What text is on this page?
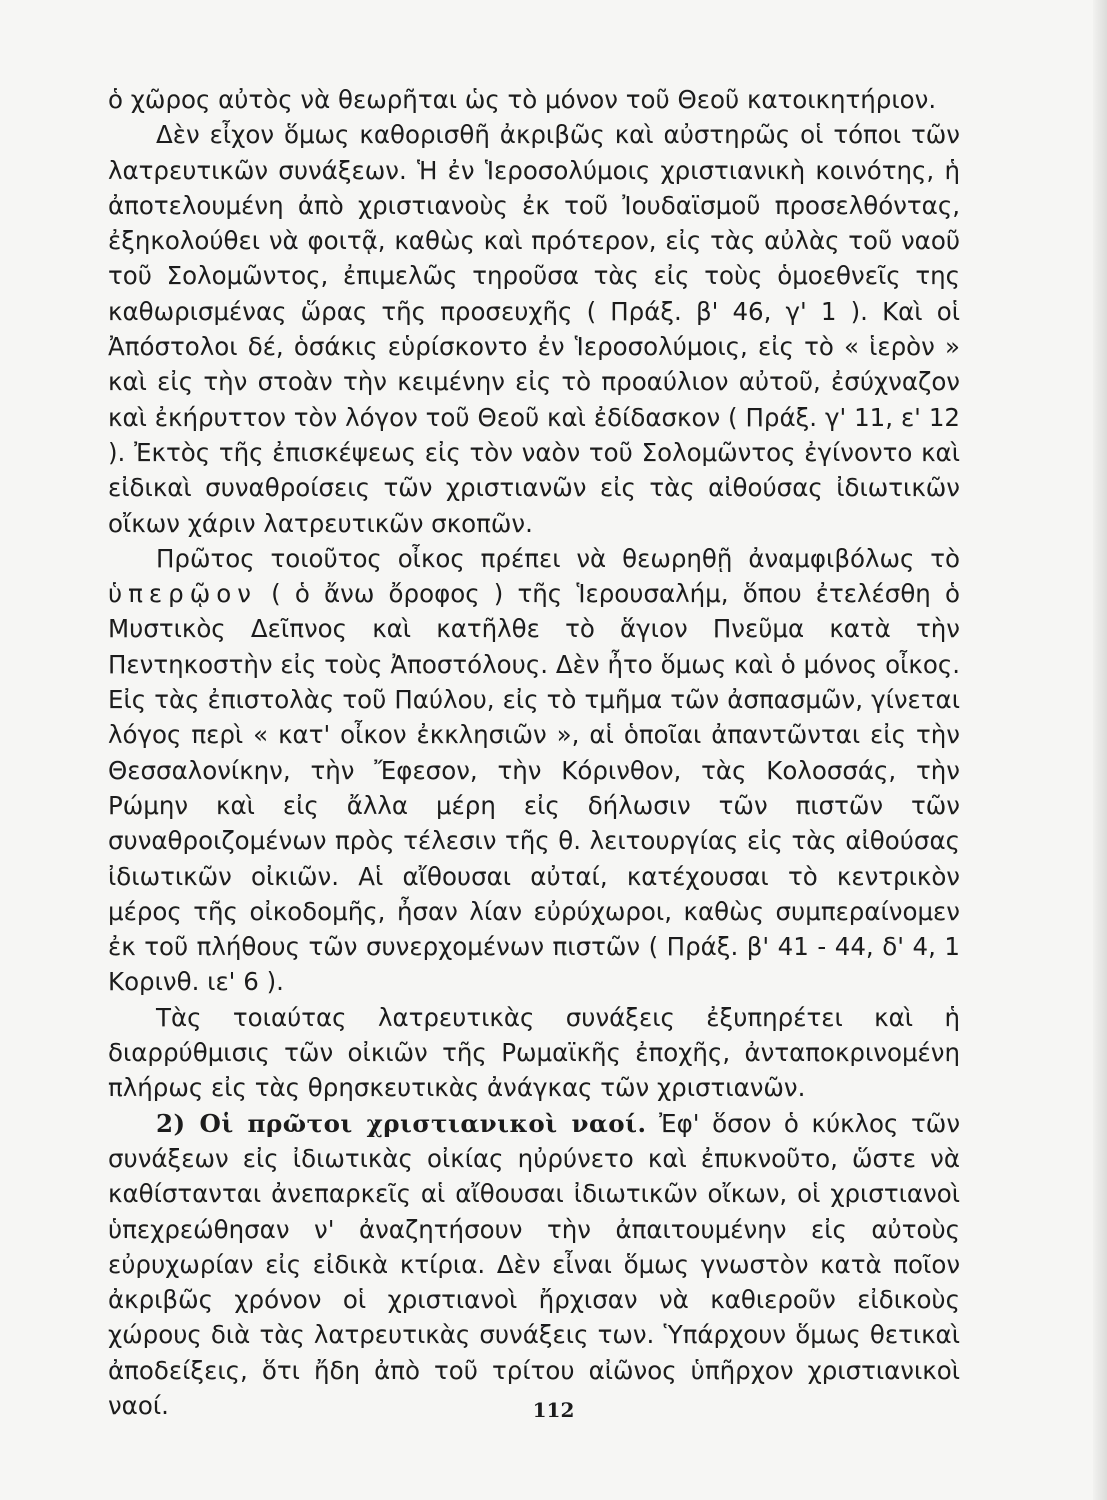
ὁ χῶρος αὐτὸς νὰ θεωρῆται ὡς τὸ μόνον τοῦ Θεοῦ κατοικητήριον.

Δὲν εἶχον ὅμως καθορισθῆ ἀκριβῶς καὶ αὐστηρῶς οἱ τόποι τῶν λατρευτικῶν συνάξεων. Ἡ ἐν Ἱεροσολύμοις χριστιανικὴ κοινότης, ἡ ἀποτελουμένη ἀπὸ χριστιανοὺς ἐκ τοῦ Ἰουδαϊσμοῦ προσελθόντας, ἐξηκολούθει νὰ φοιτᾷ, καθὼς καὶ πρότερον, εἰς τὰς αὐλὰς τοῦ ναοῦ τοῦ Σολομῶντος, ἐπιμελῶς τηροῦσα τὰς εἰς τοὺς ὁμοεθνεῖς της καθωρισμένας ὥρας τῆς προσευχῆς ( Πράξ. β' 46, γ' 1 ). Καὶ οἱ Ἀπόστολοι δέ, ὁσάκις εὑρίσκοντο ἐν Ἱεροσολύμοις, εἰς τὸ « ἱερὸν » καὶ εἰς τὴν στοὰν τὴν κειμένην εἰς τὸ προαύλιον αὐτοῦ, ἐσύχναζον καὶ ἐκήρυττον τὸν λόγον τοῦ Θεοῦ καὶ ἐδίδασκον ( Πράξ. γ' 11, ε' 12 ). Ἐκτὸς τῆς ἐπισκέψεως εἰς τὸν ναὸν τοῦ Σολομῶντος ἐγίνοντο καὶ εἰδικαὶ συναθροίσεις τῶν χριστιανῶν εἰς τὰς αἰθούσας ἰδιωτικῶν οἴκων χάριν λατρευτικῶν σκοπῶν.

Πρῶτος τοιοῦτος οἶκος πρέπει νὰ θεωρηθῇ ἀναμφιβόλως τὸ ὑπερῷον ( ὁ ἄνω ὄροφος ) τῆς Ἱερουσαλήμ, ὅπου ἐτελέσθη ὁ Μυστικὸς Δεῖπνος καὶ κατῆλθε τὸ ἅγιον Πνεῦμα κατὰ τὴν Πεντηκοστὴν εἰς τοὺς Ἀποστόλους. Δὲν ἦτο ὅμως καὶ ὁ μόνος οἶκος. Εἰς τὰς ἐπιστολὰς τοῦ Παύλου, εἰς τὸ τμῆμα τῶν ἀσπασμῶν, γίνεται λόγος περὶ « κατ' οἶκον ἐκκλησιῶν », αἱ ὁποῖαι ἀπαντῶνται εἰς τὴν Θεσσαλονίκην, τὴν Ἔφεσον, τὴν Κόρινθον, τὰς Κολοσσάς, τὴν Ρώμην καὶ εἰς ἄλλα μέρη εἰς δήλωσιν τῶν πιστῶν τῶν συναθροιζομένων πρὸς τέλεσιν τῆς θ. λειτουργίας εἰς τὰς αἰθούσας ἰδιωτικῶν οἰκιῶν. Αἱ αἴθουσαι αὐταί, κατέχουσαι τὸ κεντρικὸν μέρος τῆς οἰκοδομῆς, ἦσαν λίαν εὐρύχωροι, καθὼς συμπεραίνομεν ἐκ τοῦ πλήθους τῶν συνερχομένων πιστῶν ( Πράξ. β' 41 - 44, δ' 4, 1 Κορινθ. ιε' 6 ).

Τὰς τοιαύτας λατρευτικὰς συνάξεις ἐξυπηρέτει καὶ ἡ διαρρύθμισις τῶν οἰκιῶν τῆς Ρωμαϊκῆς ἐποχῆς, ἀνταποκρινομένη πλήρως εἰς τὰς θρησκευτικὰς ἀνάγκας τῶν χριστιανῶν.

2) Οἱ πρῶτοι χριστιανικοὶ ναοί. Ἐφ' ὅσον ὁ κύκλος τῶν συνάξεων εἰς ἰδιωτικὰς οἰκίας ηὐρύνετο καὶ ἐπυκνοῦτο, ὥστε νὰ καθίστανται ἀνεπαρκεῖς αἱ αἴθουσαι ἰδιωτικῶν οἴκων, οἱ χριστιανοὶ ὑπεχρεώθησαν ν' ἀναζητήσουν τὴν ἀπαιτουμένην εἰς αὐτοὺς εὐρυχωρίαν εἰς εἰδικὰ κτίρια. Δὲν εἶναι ὅμως γνωστὸν κατὰ ποῖον ἀκριβῶς χρόνον οἱ χριστιανοὶ ἤρχισαν νὰ καθιεροῦν εἰδικοὺς χώρους διὰ τὰς λατρευτικὰς συνάξεις των. Ὑπάρχουν ὅμως θετικαὶ ἀποδείξεις, ὅτι ἤδη ἀπὸ τοῦ τρίτου αἰῶνος ὑπῆρχον χριστιανικοὶ ναοί.	112
